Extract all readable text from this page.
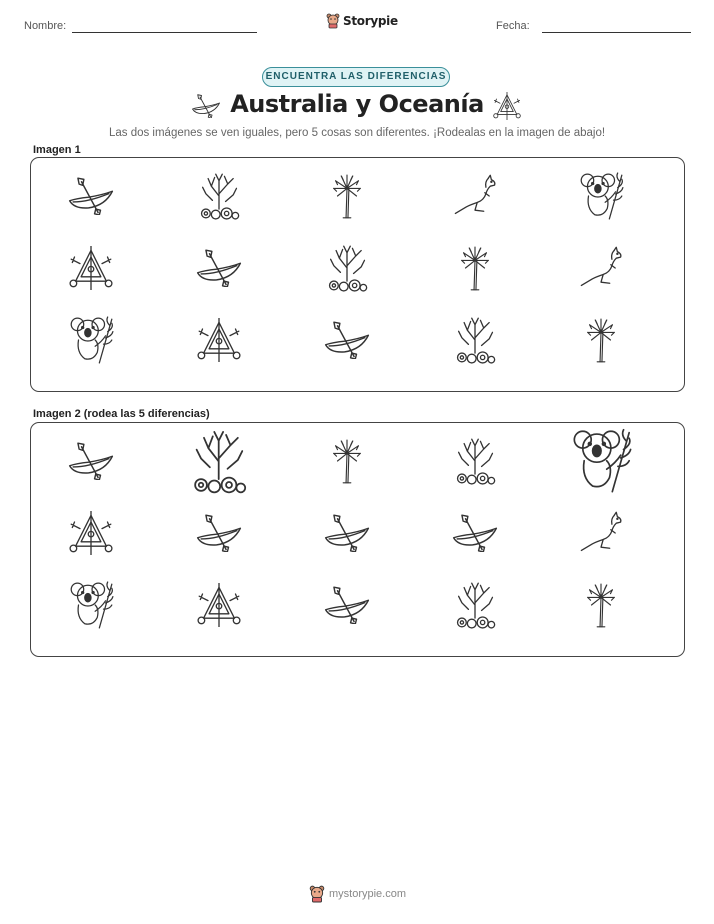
Nombre:	Storypie	Fecha:
ENCUENTRA LAS DIFERENCIAS
Australia y Oceanía
Las dos imágenes se ven iguales, pero 5 cosas son diferentes. ¡Rodealas en la imagen de abajo!
Imagen 1
Imagen 2 (rodea las 5 diferencias)
mystorypie.com
